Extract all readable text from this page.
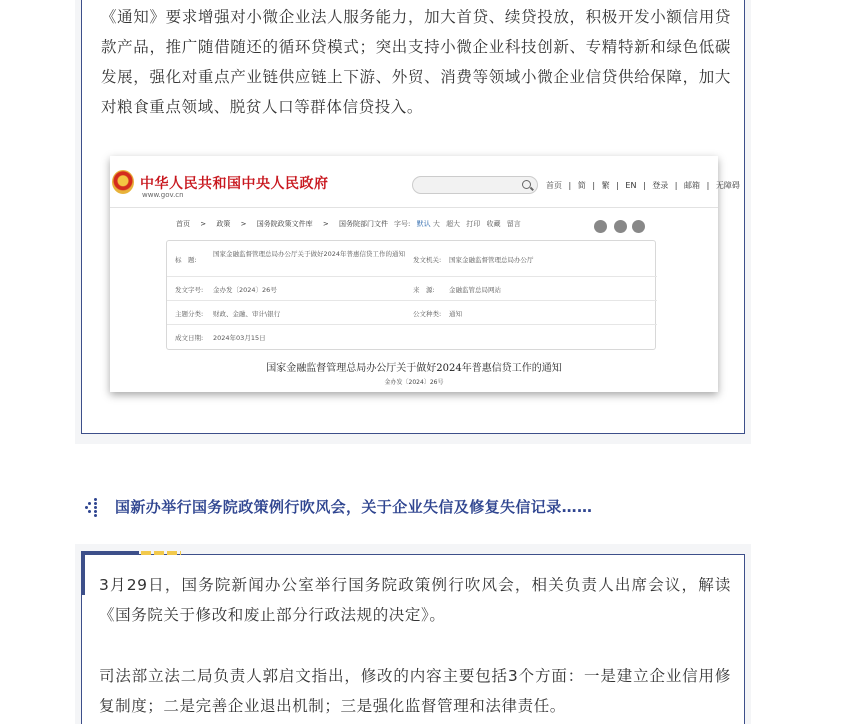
《通知》要求增强对小微企业法人服务能力，加大首贷、续贷投放，积极开发小额信用贷款产品，推广随借随还的循环贷模式；突出支持小微企业科技创新、专精特新和绿色低碳发展，强化对重点产业链供应链上下游、外贸、消费等领域小微企业信贷供给保障，加大对粮食重点领域、脱贫人口等群体信贷投入。
中华人民共和国中央人民政府
www.gov.cn
首页 | 简 | 繁 | EN | 登录 | 邮箱 | 无障碍
首页 > 政策 > 国务院政策文件库 > 国务院部门文件 字号: 默认 大 超大 打印 收藏 留言
标　题:
国家金融监督管理总局办公厅关于做好2024年普惠信贷工作的通知
发文机关: 国家金融监督管理总局办公厅
发文字号: 金办发〔2024〕26号	来　源: 金融监管总局网站
主题分类: 财政、金融、审计\银行	公文种类: 通知
成文日期: 2024年03月15日
国家金融监督管理总局办公厅关于做好2024年普惠信贷工作的通知
金办发〔2024〕26号
国新办举行国务院政策例行吹风会，关于企业失信及修复失信记录……
3月29日，国务院新闻办公室举行国务院政策例行吹风会，相关负责人出席会议，解读《国务院关于修改和废止部分行政法规的决定》。
司法部立法二局负责人郭启文指出，修改的内容主要包括3个方面：一是建立企业信用修复制度；二是完善企业退出机制；三是强化监督管理和法律责任。
